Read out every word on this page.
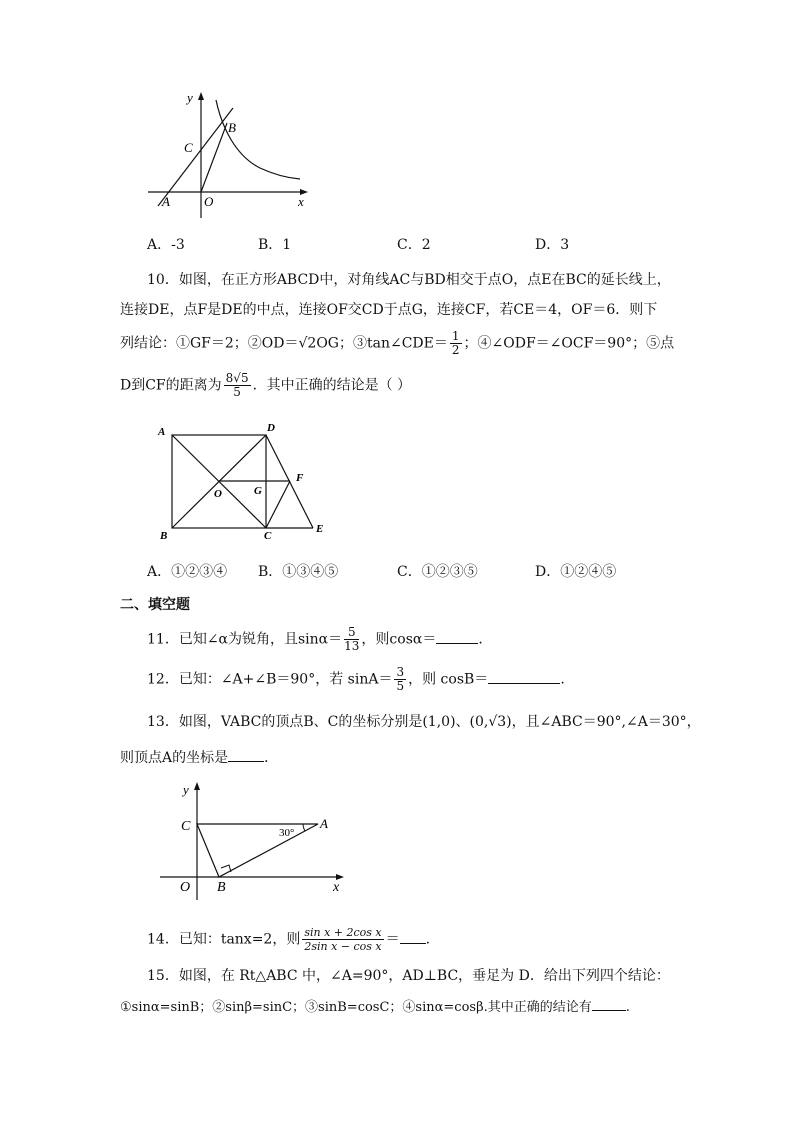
y
B
C
A	O	x
A．-3	B．1	C．2	D．3
10．如图，在正方形ABCD中，对角线AC与BD相交于点O，点E在BC的延长线上，
连接DE，点F是DE的中点，连接OF交CD于点G，连接CF，若CE＝4，OF＝6．则下
列结论：①GF＝2；②OD＝√2OG；③tan∠CDE＝ $\frac{1}{2}$ ；④∠ODF＝∠OCF＝90°；⑤点
D到CF的距离为 $\frac{8√5}{5}$ ．其中正确的结论是（ ）
A	D
F
O	G
B	C
E
A．①②③④ B．①③④⑤	C．①②③⑤	D．①②④⑤
二、填空题
11．已知∠α为锐角，且$\sin\alpha= \frac{5}{13}$ ，则cosα＝	．
12．已知：∠A+∠B＝90°，若 $\sin A= \frac{3}{5}$ ，则 cosB＝	.
13．如图，VABC的顶点B、C的坐标分别是(1,0)、(0,√3)，且∠ABC＝90°,∠A＝30°，
则顶点A的坐标是	．
y
C	A
30°
O B	x
14．已知：tanx=2，则 $\frac{\text{sin x + 2cos x}}{\text{2sin x − cos x}}$ ＝ .
15．如图，在 Rt△ABC 中，∠A=90°，AD⊥BC，垂足为 D．给出下列四个结论：
①sinα=sinB；②sinβ=sinC；③sinB=cosC；④sinα=cosβ.其中正确的结论有	.
